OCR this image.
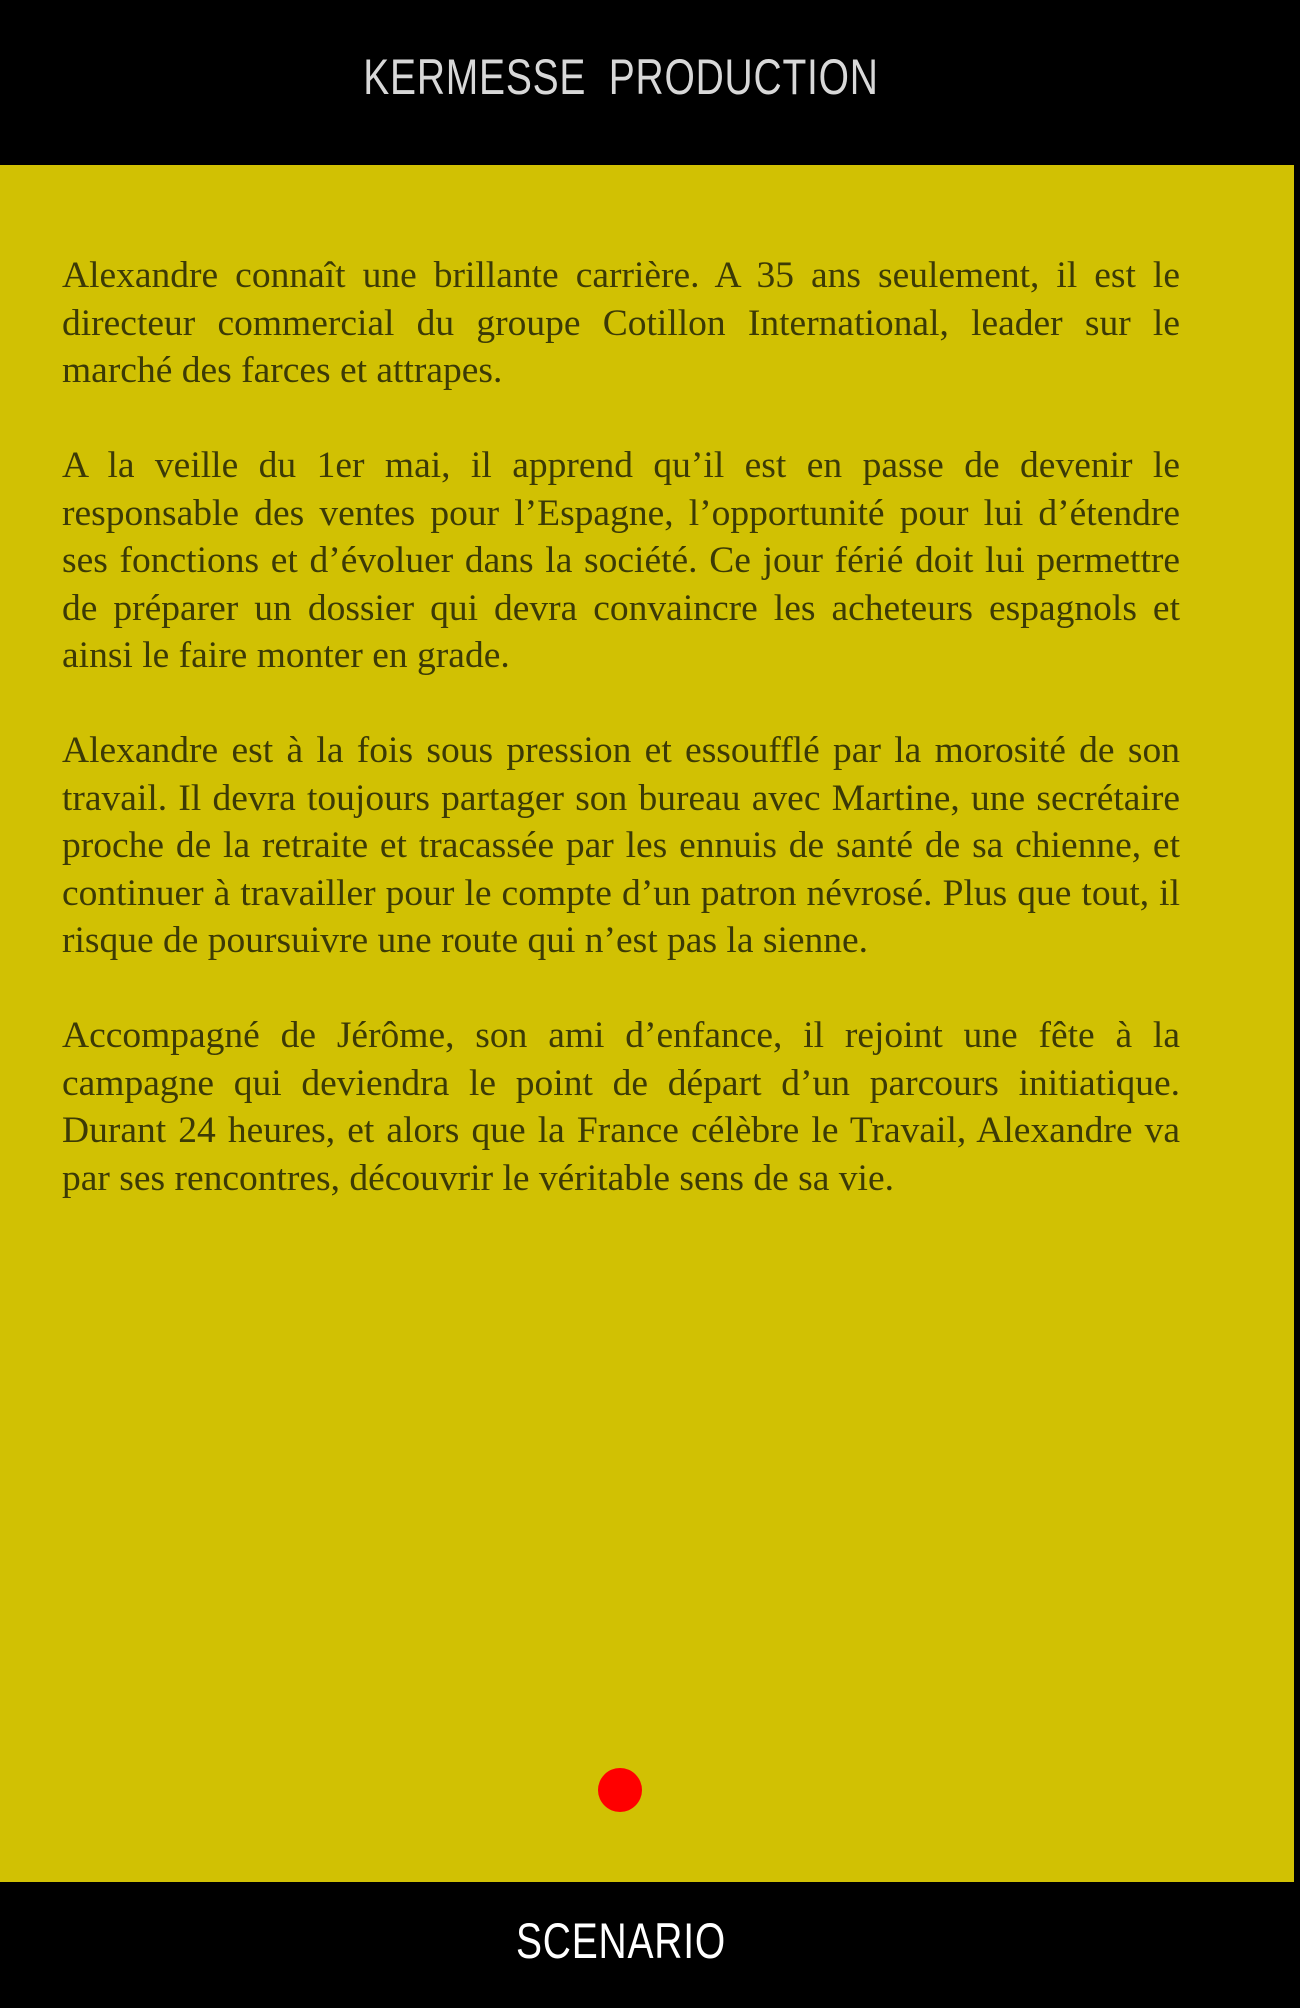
KERMESSE PRODUCTION

Alexandre connaît une brillante carrière. A 35 ans seulement, il est le directeur commercial du groupe Cotillon International, leader sur le marché des farces et attrapes.

A la veille du 1er mai, il apprend qu’il est en passe de devenir le responsable des ventes pour l’Espagne, l’opportunité pour lui d’étendre ses fonctions et d’évoluer dans la société. Ce jour férié doit lui permettre de préparer un dossier qui devra convaincre les acheteurs espagnols et ainsi le faire monter en grade.

Alexandre est à la fois sous pression et essoufflé par la morosité de son travail. Il devra toujours partager son bureau avec Martine, une secrétaire proche de la retraite et tracassée par les ennuis de santé de sa chienne, et continuer à travailler pour le compte d’un patron névrosé. Plus que tout, il risque de poursuivre une route qui n’est pas la sienne.

Accompagné de Jérôme, son ami d’enfance, il rejoint une fête à la campagne qui deviendra le point de départ d’un parcours initiatique. Durant 24 heures, et alors que la France célèbre le Travail, Alexandre va par ses rencontres, découvrir le véritable sens de sa vie.

SCENARIO
